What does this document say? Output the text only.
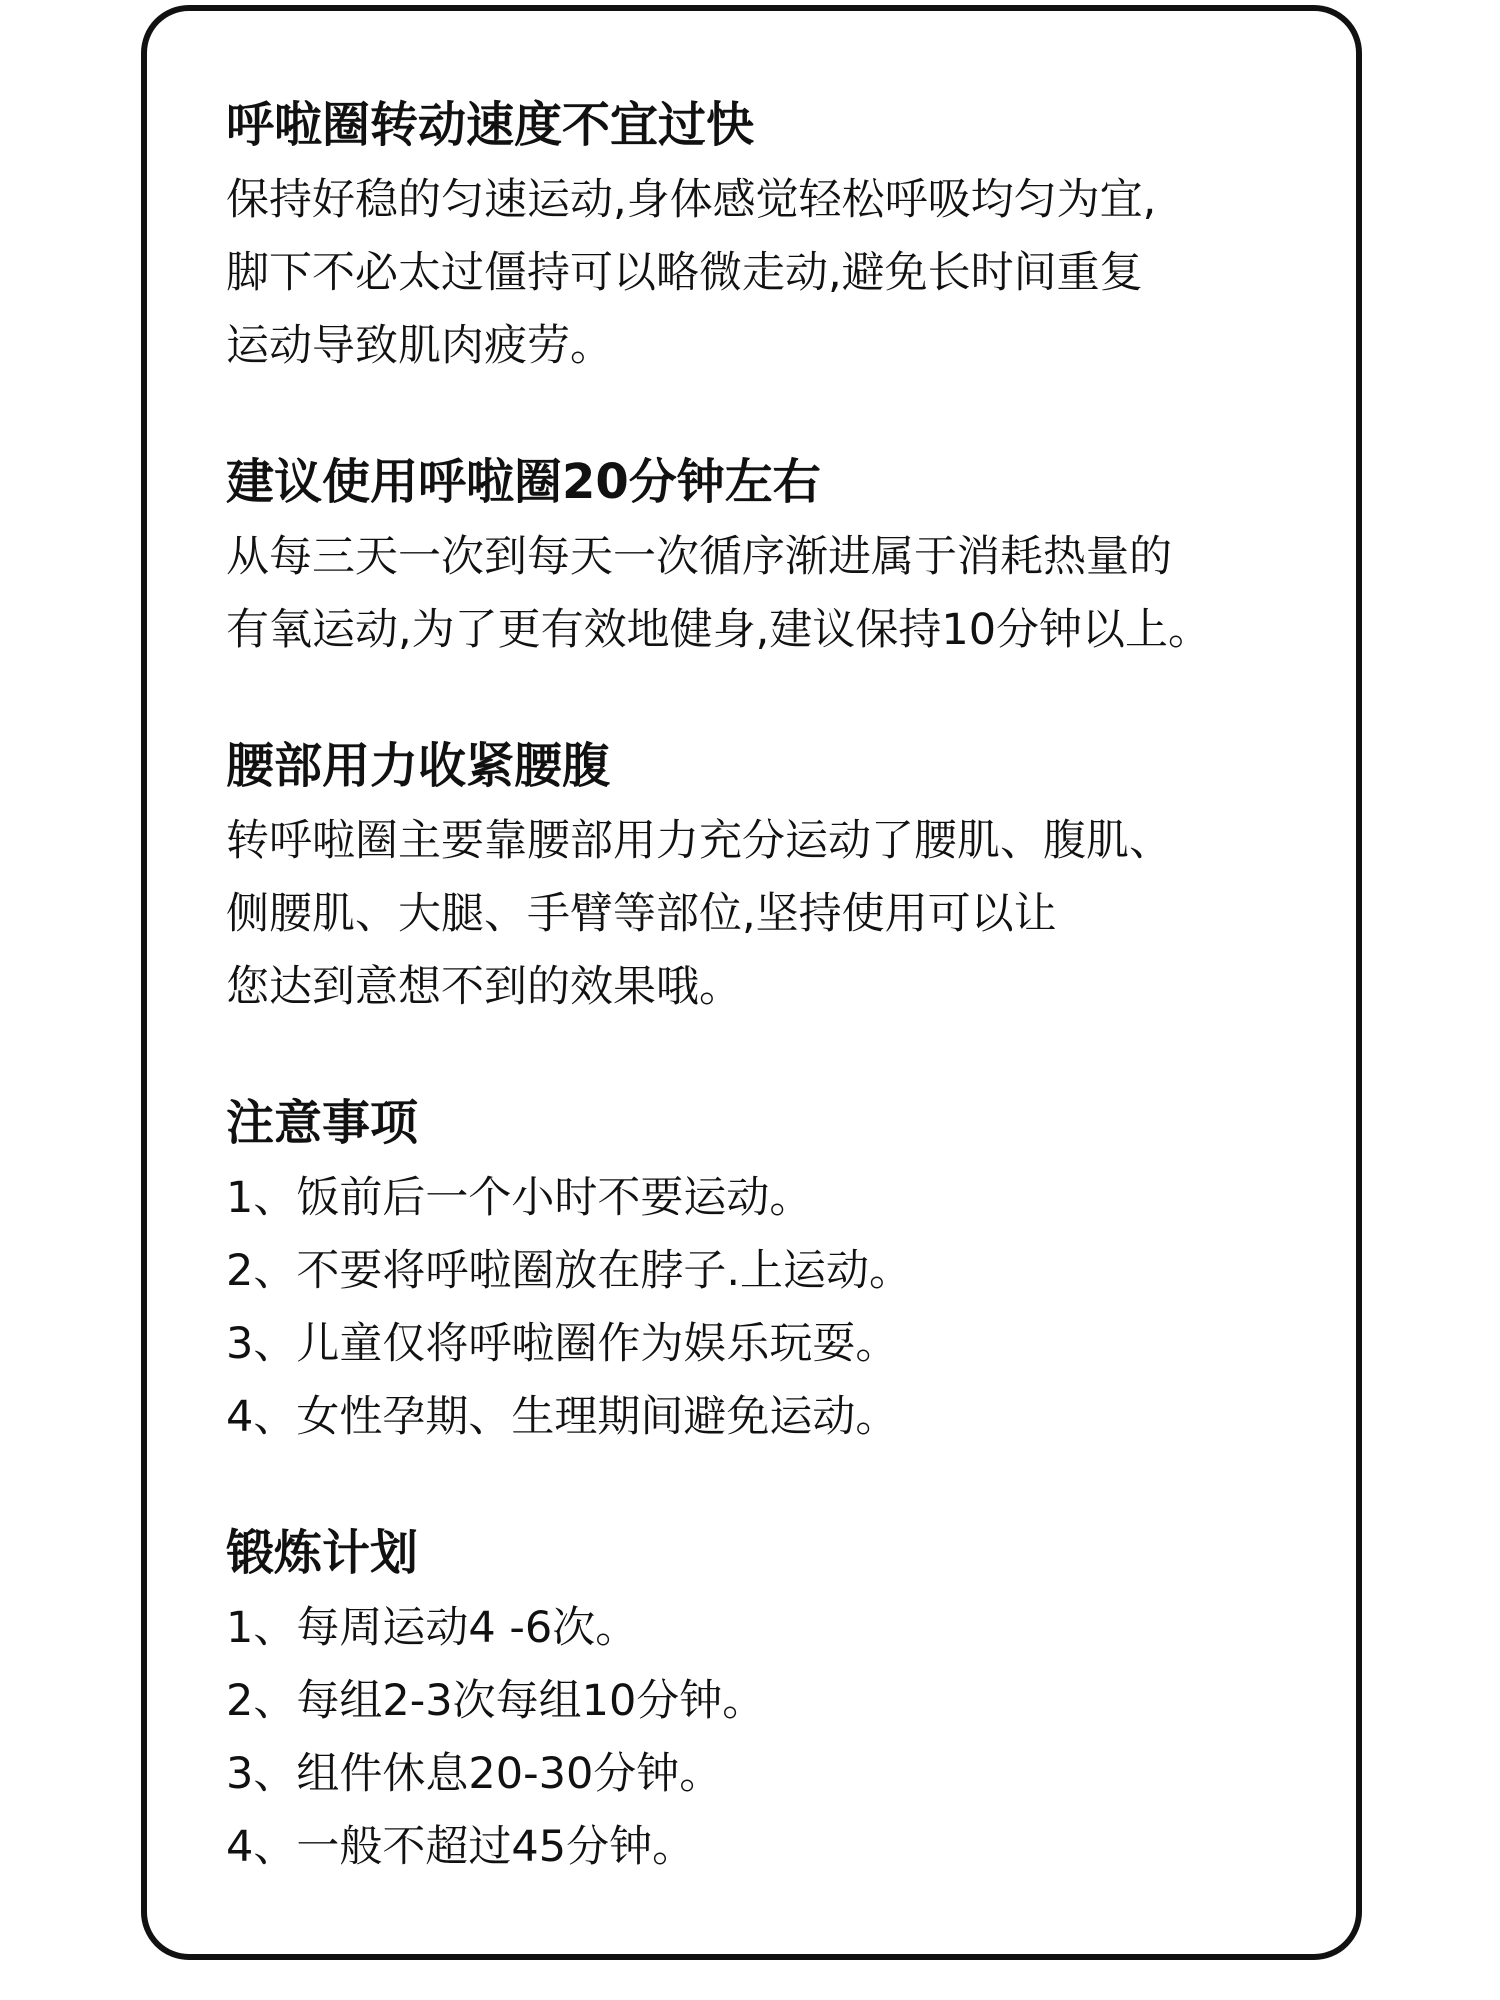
呼啦圈转动速度不宜过快

保持好稳的匀速运动,身体感觉轻松呼吸均匀为宜,

脚下不必太过僵持可以略微走动,避免长时间重复

运动导致肌肉疲劳。

建议使用呼啦圈20分钟左右

从每三天一次到每天一次循序渐进属于消耗热量的

有氧运动,为了更有效地健身,建议保持10分钟以上。

腰部用力收紧腰腹

转呼啦圈主要靠腰部用力充分运动了腰肌、腹肌、

侧腰肌、大腿、手臂等部位,坚持使用可以让

您达到意想不到的效果哦。

注意事项

1、饭前后一个小时不要运动。

2、不要将呼啦圈放在脖子.上运动。

3、儿童仅将呼啦圈作为娱乐玩耍。

4、女性孕期、生理期间避免运动。

锻炼计划

1、每周运动4 -6次。

2、每组2-3次每组10分钟。

3、组件休息20-30分钟。

4、一般不超过45分钟。
